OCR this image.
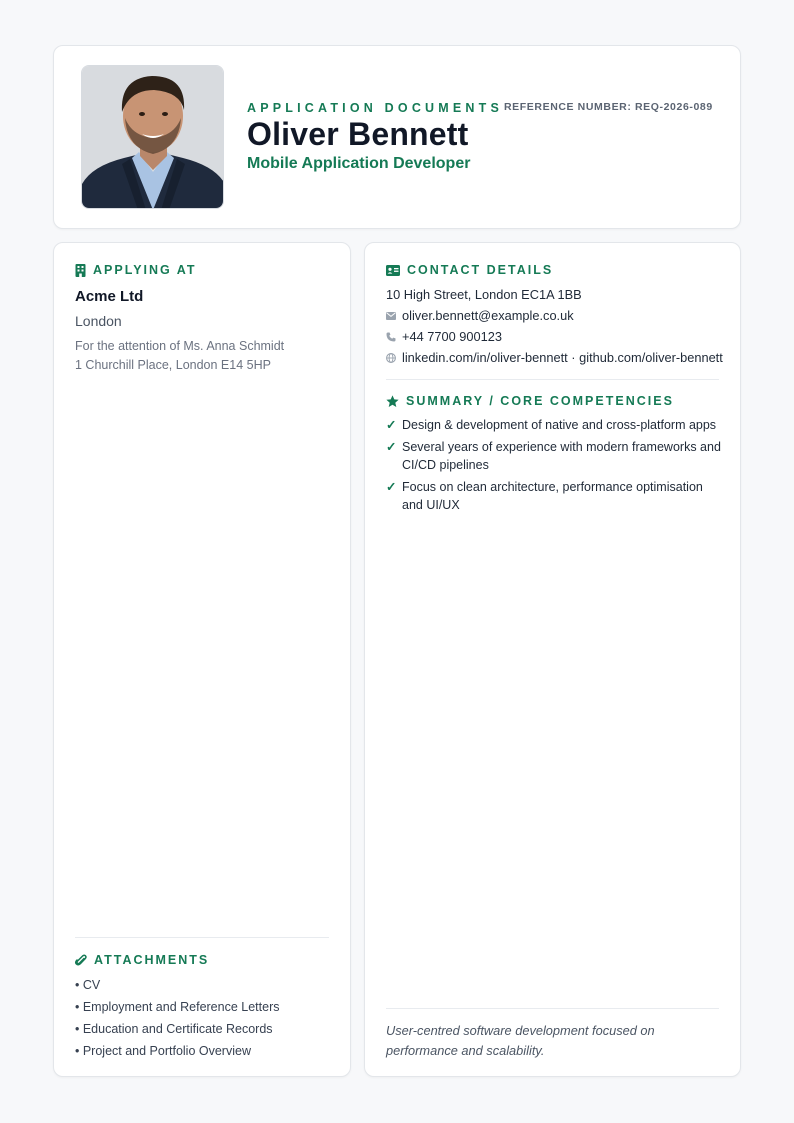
APPLICATION DOCUMENTS REFERENCE NUMBER: REQ-2026-089
Oliver Bennett
Mobile Application Developer
APPLYING AT
Acme Ltd
London
For the attention of Ms. Anna Schmidt
1 Churchill Place, London E14 5HP
ATTACHMENTS
• CV
• Employment and Reference Letters
• Education and Certificate Records
• Project and Portfolio Overview
CONTACT DETAILS
10 High Street, London EC1A 1BB
oliver.bennett@example.co.uk
+44 7700 900123
linkedin.com/in/oliver-bennett · github.com/oliver-bennett
SUMMARY / CORE COMPETENCIES
✓ Design & development of native and cross-platform apps
✓ Several years of experience with modern frameworks and CI/CD pipelines
✓ Focus on clean architecture, performance optimisation and UI/UX
User-centred software development focused on performance and scalability.
